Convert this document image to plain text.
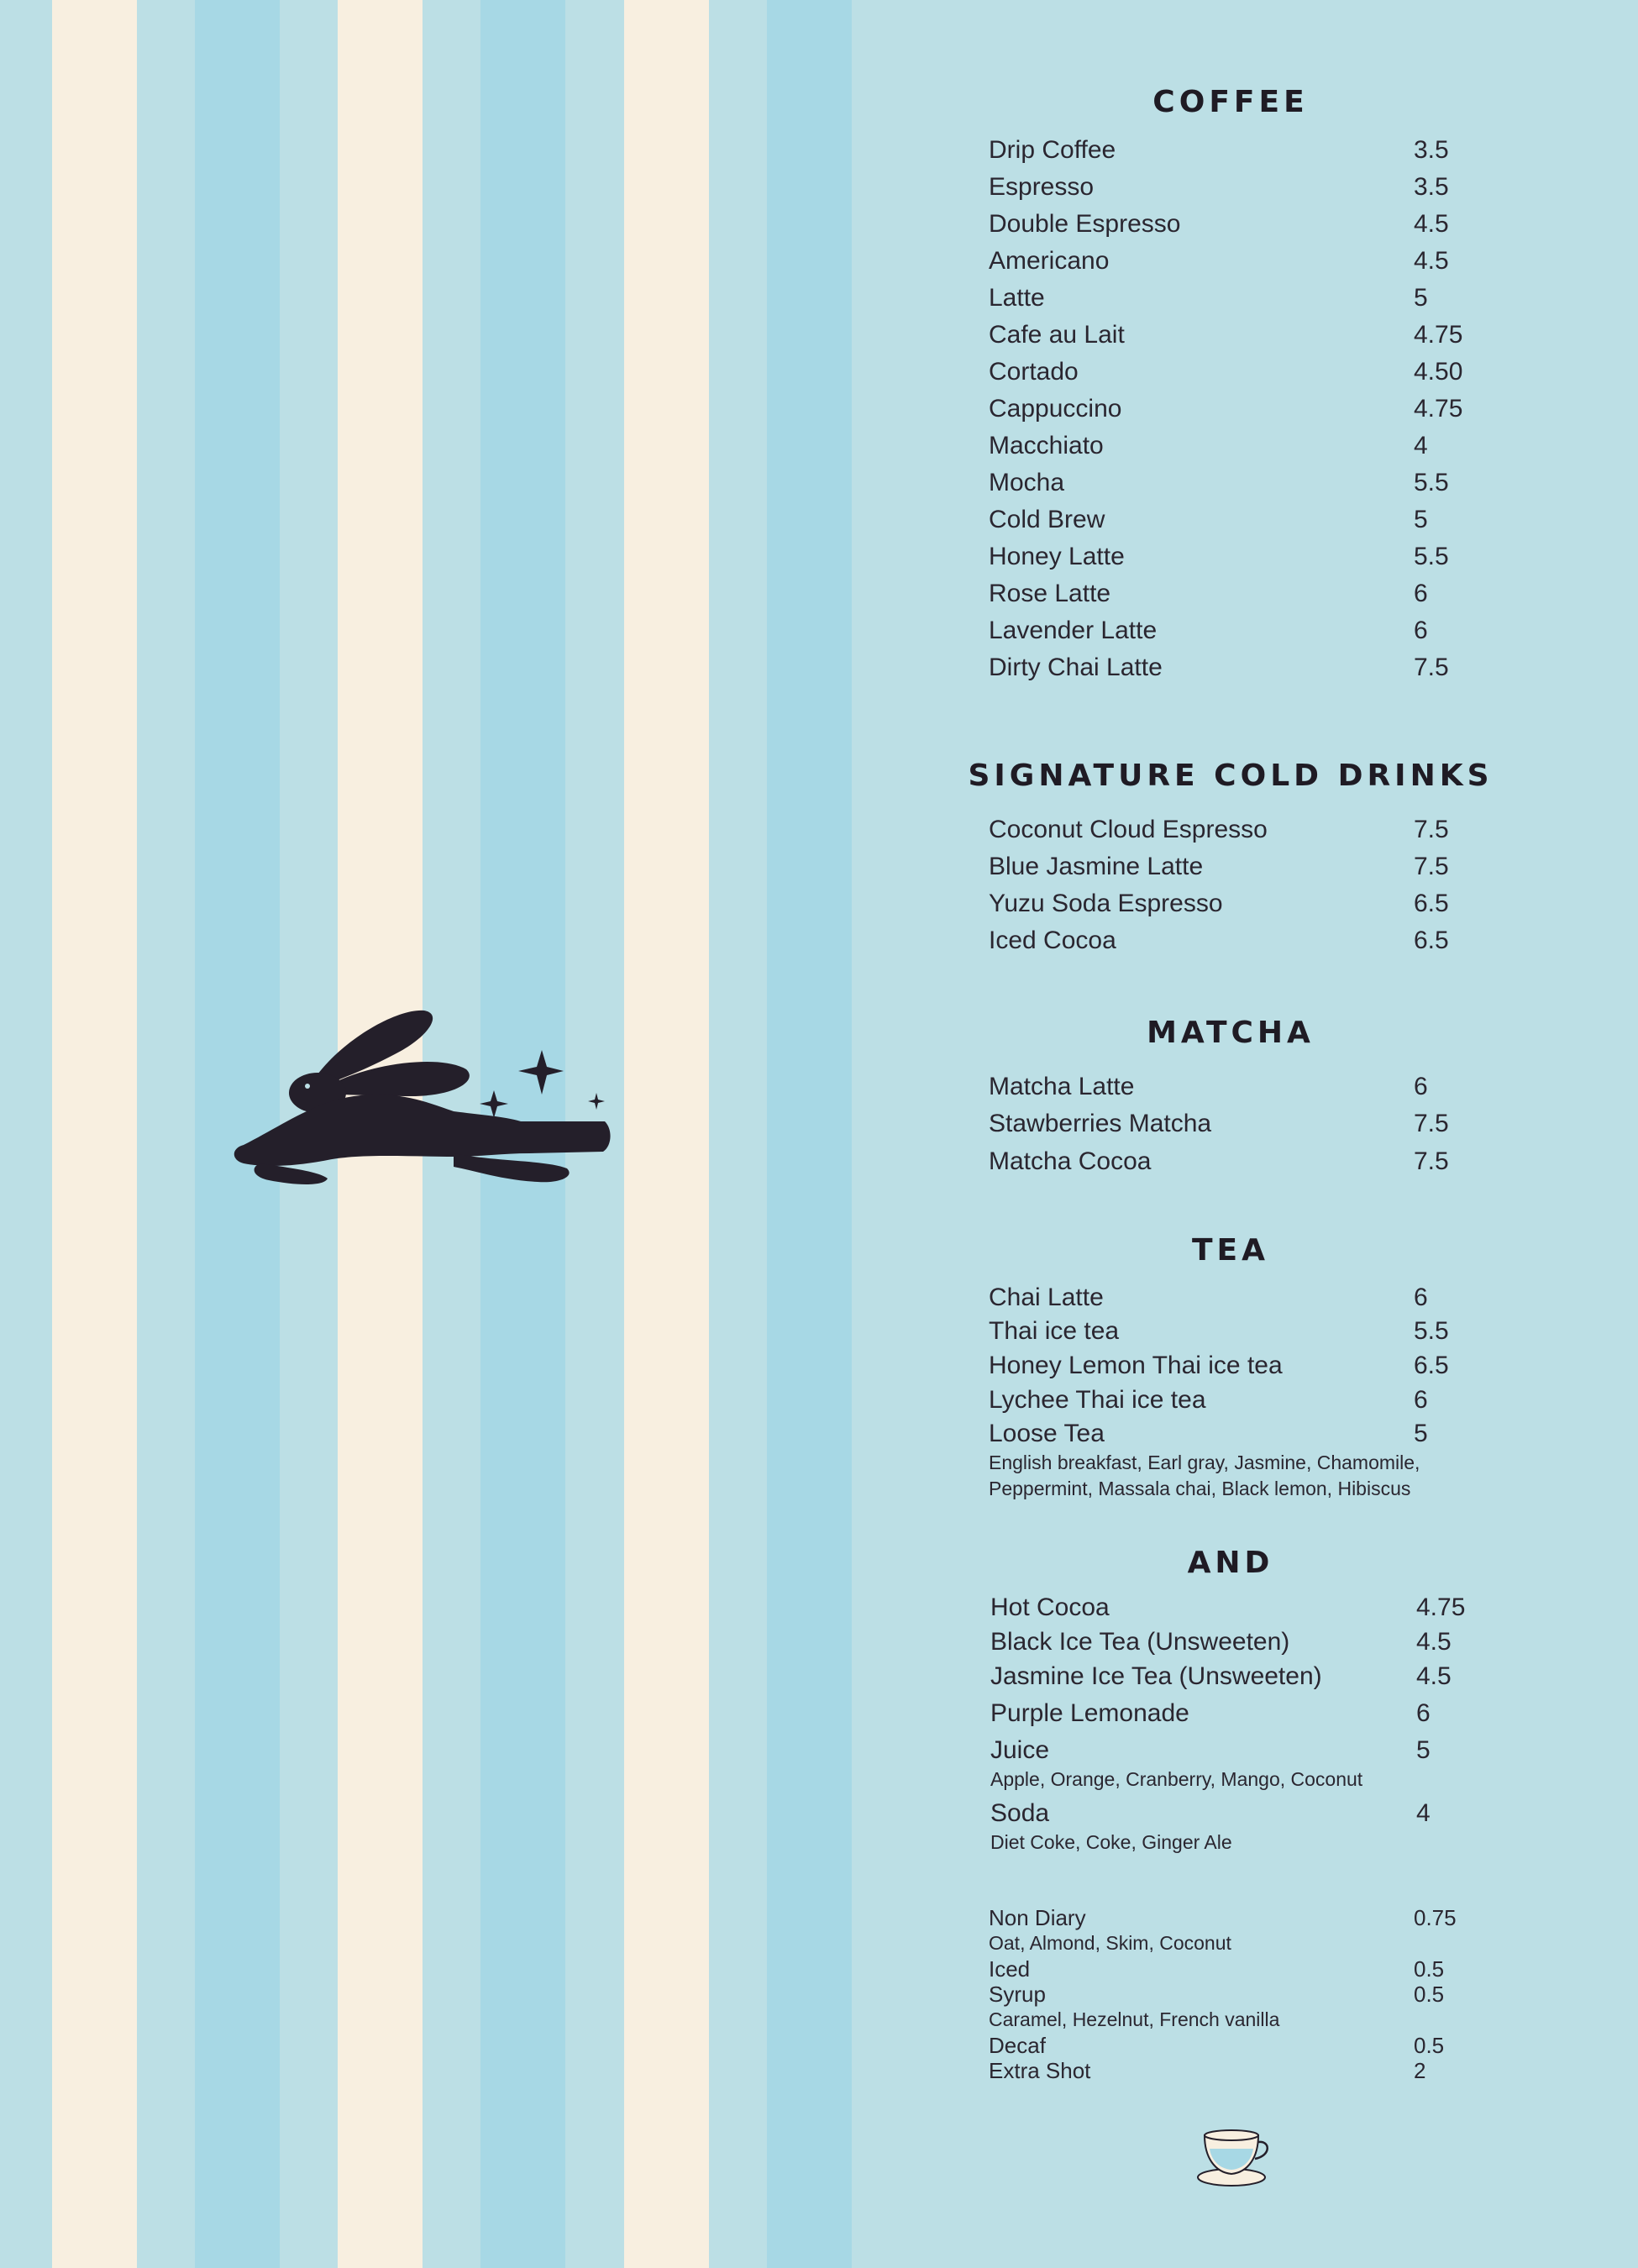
COFFEE
Drip Coffee	3.5
Espresso	3.5
Double Espresso	4.5
Americano	4.5
Latte	5
Cafe au Lait	4.75
Cortado	4.50
Cappuccino	4.75
Macchiato	4
Mocha	5.5
Cold Brew	5
Honey Latte	5.5
Rose Latte	6
Lavender Latte	6
Dirty Chai Latte	7.5
SIGNATURE COLD DRINKS
Coconut Cloud Espresso	7.5
Blue Jasmine Latte	7.5
Yuzu Soda Espresso	6.5
Iced Cocoa	6.5
MATCHA
Matcha Latte	6
Stawberries Matcha	7.5
Matcha Cocoa	7.5
TEA
Chai Latte	6
Thai ice tea	5.5
Honey Lemon Thai ice tea	6.5
Lychee Thai ice tea	6
Loose Tea	5
English breakfast, Earl gray, Jasmine, Chamomile,
Peppermint, Massala chai, Black lemon, Hibiscus
AND
Hot Cocoa	4.75
Black Ice Tea (Unsweeten)	4.5
Jasmine Ice Tea (Unsweeten)	4.5
Purple Lemonade	6
Juice	5
Apple, Orange, Cranberry, Mango, Coconut
Soda	4
Diet Coke, Coke, Ginger Ale
Non Diary	0.75
Oat, Almond, Skim, Coconut
Iced	0.5
Syrup	0.5
Caramel, Hezelnut, French vanilla
Decaf	0.5
Extra Shot	2
